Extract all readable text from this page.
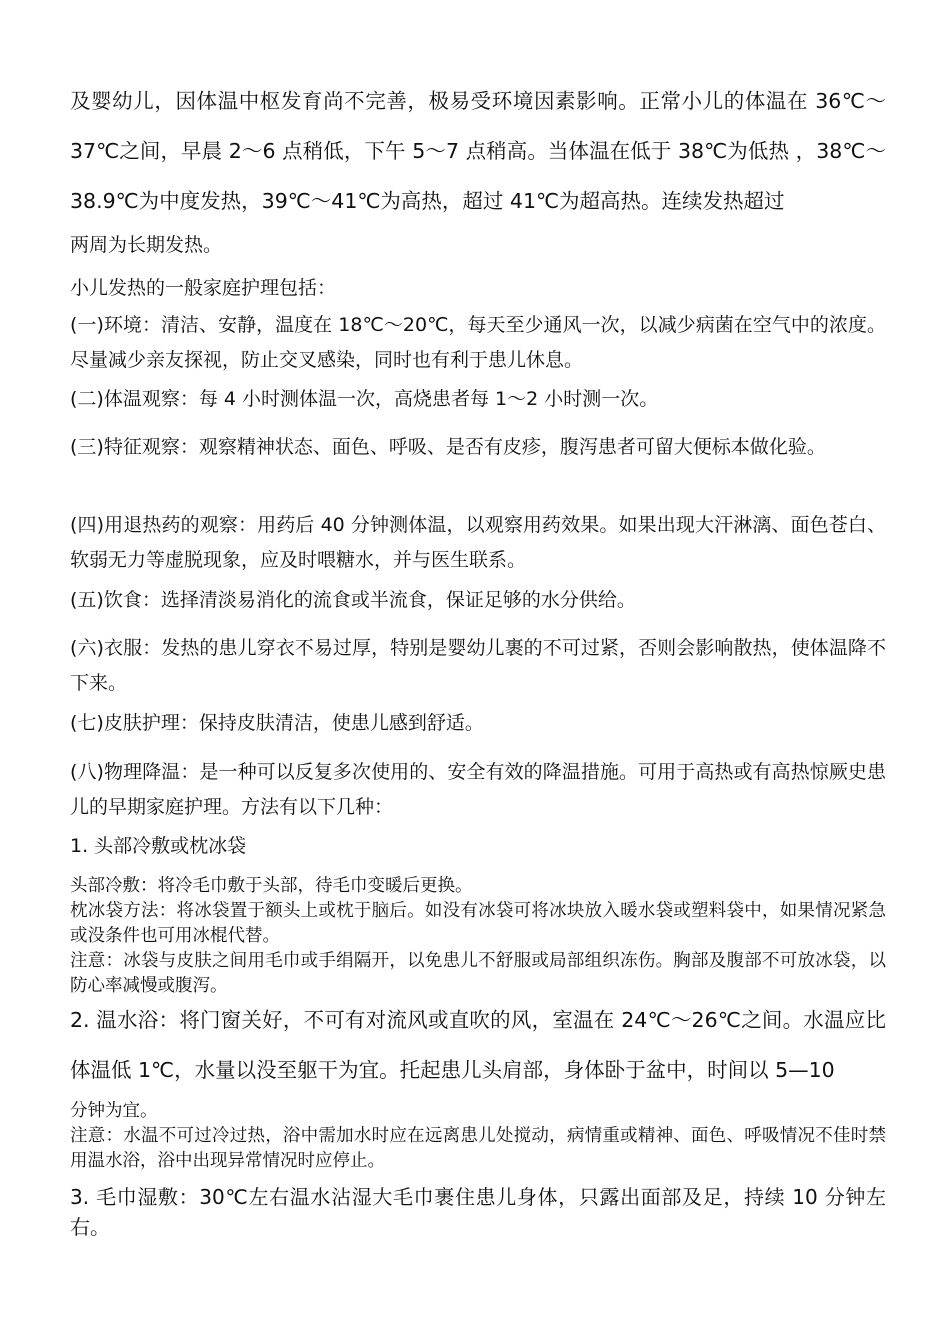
及婴幼儿，因体温中枢发育尚不完善，极易受环境因素影响。正常小儿的体温在 36℃～37℃之间，早晨 2～6 点稍低，下午 5～7 点稍高。当体温在低于 38℃为低热 ，38℃～38.9℃为中度发热，39℃～41℃为高热，超过 41℃为超高热。连续发热超过

两周为长期发热。

小儿发热的一般家庭护理包括：

(一)环境：清洁、安静，温度在 18℃～20℃，每天至少通风一次，以减少病菌在空气中的浓度。尽量减少亲友探视，防止交叉感染，同时也有利于患儿休息。

(二)体温观察：每 4 小时测体温一次，高烧患者每 1～2 小时测一次。

(三)特征观察：观察精神状态、面色、呼吸、是否有皮疹，腹泻患者可留大便标本做化验。

(四)用退热药的观察：用药后 40 分钟测体温，以观察用药效果。如果出现大汗淋漓、面色苍白、软弱无力等虚脱现象，应及时喂糖水，并与医生联系。

(五)饮食：选择清淡易消化的流食或半流食，保证足够的水分供给。

(六)衣服：发热的患儿穿衣不易过厚，特别是婴幼儿裹的不可过紧，否则会影响散热，使体温降不下来。

(七)皮肤护理：保持皮肤清洁，使患儿感到舒适。

(八)物理降温：是一种可以反复多次使用的、安全有效的降温措施。可用于高热或有高热惊厥史患儿的早期家庭护理。方法有以下几种：

1. 头部冷敷或枕冰袋

头部冷敷：将冷毛巾敷于头部，待毛巾变暖后更换。

枕冰袋方法：将冰袋置于额头上或枕于脑后。如没有冰袋可将冰块放入暖水袋或塑料袋中，如果情况紧急或没条件也可用冰棍代替。

注意：冰袋与皮肤之间用毛巾或手绢隔开，以免患儿不舒服或局部组织冻伤。胸部及腹部不可放冰袋，以防心率减慢或腹泻。

2. 温水浴：将门窗关好，不可有对流风或直吹的风，室温在 24℃～26℃之间。水温应比体温低 1℃，水量以没至躯干为宜。托起患儿头肩部，身体卧于盆中，时间以 5—10

分钟为宜。

注意：水温不可过冷过热，浴中需加水时应在远离患儿处搅动，病情重或精神、面色、呼吸情况不佳时禁用温水浴，浴中出现异常情况时应停止。

3. 毛巾湿敷：30℃左右温水沾湿大毛巾裹住患儿身体，只露出面部及足，持续 10 分钟左右。
